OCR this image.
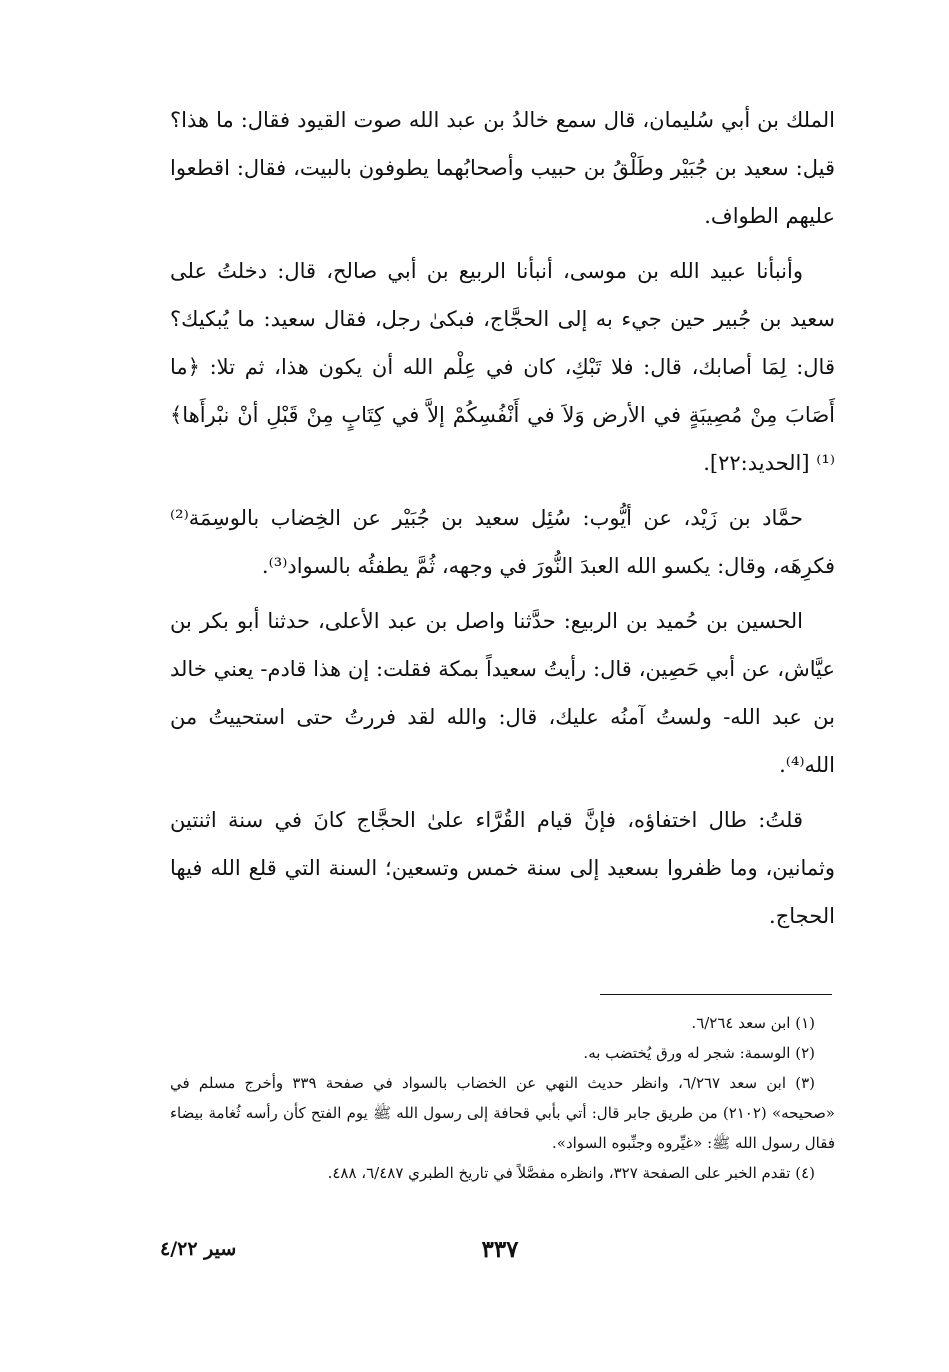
الملك بن أبي سُليمان، قال سمع خالدُ بن عبد الله صوت القيود فقال: ما هذا؟ قيل: سعيد بن جُبَيْر وطَلْقُ بن حبيب وأصحابُهما يطوفون بالبيت، فقال: اقطعوا عليهم الطواف.

وأنبأنا عبيد الله بن موسى، أنبأنا الربيع بن أبي صالح، قال: دخلتُ على سعيد بن جُبير حين جيء به إلى الحجَّاج، فبكىٰ رجل، فقال سعيد: ما يُبكيك؟ قال: لِمَا أصابك، قال: فلا تَبْكِ، كان في عِلْم الله أن يكون هذا، ثم تلا: ﴿ما أَصَابَ مِنْ مُصِيبَةٍ في الأرض وَلاَ في أَنْفُسِكُمْ إلاَّ في كِتَابٍ مِنْ قَبْلِ أنْ نبْرأَها﴾⁽¹⁾ [الحديد:٢٢].

حمَّاد بن زَيْد، عن أيُّوب: سُئِل سعيد بن جُبَيْر عن الخِضاب بالوسِمَة⁽²⁾ فكرِهَه، وقال: يكسو الله العبدَ النُّورَ في وجهه، ثُمَّ يطفئُه بالسواد⁽³⁾.

الحسين بن حُميد بن الربيع: حدَّثنا واصل بن عبد الأعلى، حدثنا أبو بكر بن عيَّاش، عن أبي حَصِين، قال: رأيتُ سعيداً بمكة فقلت: إن هذا قادم- يعني خالد بن عبد الله- ولستُ آمنُه عليك، قال: والله لقد فررتُ حتى استحييتُ من الله⁽⁴⁾.

قلتُ: طال اختفاؤه، فإنَّ قيام القُرَّاء علىٰ الحجَّاج كانَ في سنة اثنتين وثمانين، وما ظفروا بسعيد إلى سنة خمس وتسعين؛ السنة التي قلع الله فيها الحجاج.

(١) ابن سعد ٦/٢٦٤.

(٢) الوسمة: شجر له ورق يُختضب به.

(٣) ابن سعد ٦/٢٦٧، وانظر حديث النهي عن الخضاب بالسواد في صفحة ٣٣٩ وأخرج مسلم في «صحيحه» (٢١٠٢) من طريق جابر قال: أتي بأبي قحافة إلى رسول الله ﷺ يوم الفتح كأن رأسه ثُغامة بيضاء فقال رسول الله ﷺ: «غيِّروه وجنِّبوه السواد».

(٤) تقدم الخبر على الصفحة ٣٢٧، وانظره مفصَّلاً في تاريخ الطبري ٦/٤٨٧، ٤٨٨.

٣٣٧
سير ٤/٢٢
